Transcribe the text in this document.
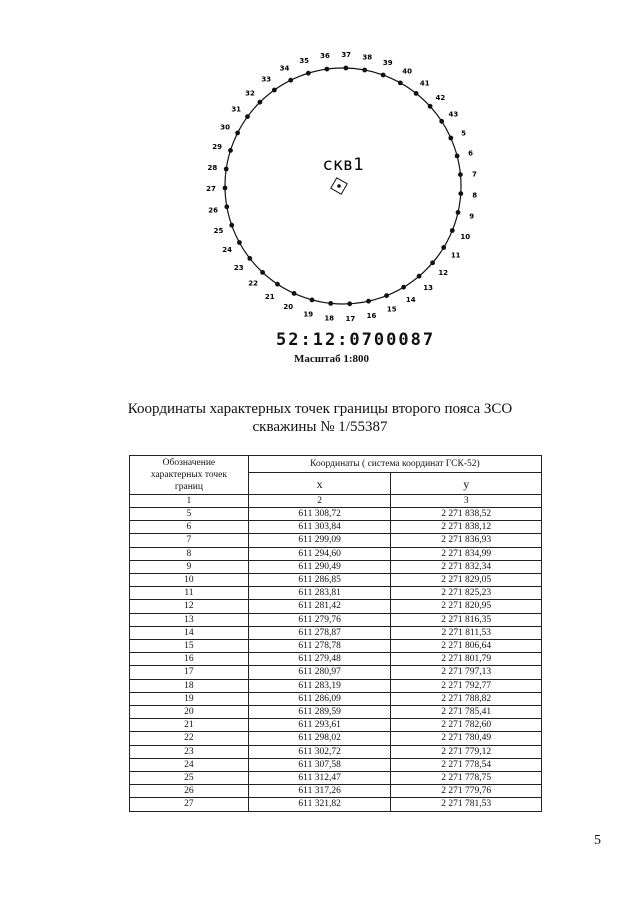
5
6
7
8
9
10
11
12
13
14
15
16
17
18
19
20
21
22
23
24
25
26
27
28
29
30
31
32
33
34
35
36 37 38
39
40
41
42
43
скв1
52:12:0700087
Масштаб 1:800
Координаты характерных точек границы второго пояса ЗСО
скважины № 1/55387
Обозначение характерных точек границ	Координаты ( система координат ГСК-52)	
	x	y
1	2	3
5	611 308,72	2 271 838,52
6	611 303,84	2 271 838,12
7	611 299,09	2 271 836,93
8	611 294,60	2 271 834,99
9	611 290,49	2 271 832,34
10	611 286,85	2 271 829,05
11	611 283,81	2 271 825,23
12	611 281,42	2 271 820,95
13	611 279,76	2 271 816,35
14	611 278,87	2 271 811,53
15	611 278,78	2 271 806,64
16	611 279,48	2 271 801,79
17	611 280,97	2 271 797,13
18	611 283,19	2 271 792,77
19	611 286,09	2 271 788,82
20	611 289,59	2 271 785,41
21	611 293,61	2 271 782,60
22	611 298,02	2 271 780,49
23	611 302,72	2 271 779,12
24	611 307,58	2 271 778,54
25	611 312,47	2 271 778,75
26	611 317,26	2 271 779,76
27	611 321,82	2 271 781,53
5
